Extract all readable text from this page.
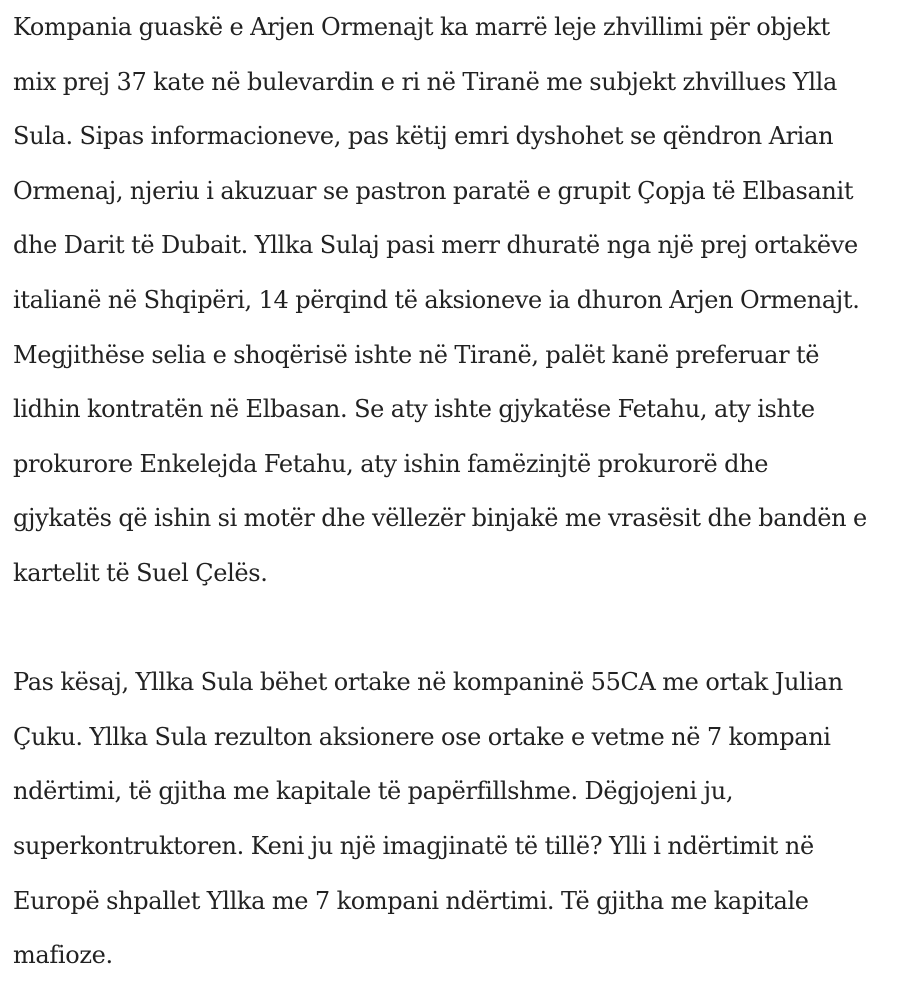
Kompania guaskë e Arjen Ormenajt ka marrë leje zhvillimi për objekt
mix prej 37 kate në bulevardin e ri në Tiranë me subjekt zhvillues Ylla
Sula. Sipas informacioneve, pas këtij emri dyshohet se qëndron Arian
Ormenaj, njeriu i akuzuar se pastron paratë e grupit Çopja të Elbasanit
dhe Darit të Dubait. Yllka Sulaj pasi merr dhuratë nga një prej ortakëve
italianë në Shqipëri, 14 përqind të aksioneve ia dhuron Arjen Ormenajt.
Megjithëse selia e shoqërisë ishte në Tiranë, palët kanë preferuar të
lidhin kontratën në Elbasan. Se aty ishte gjykatëse Fetahu, aty ishte
prokurore Enkelejda Fetahu, aty ishin famëzinjtë prokurorë dhe
gjykatës që ishin si motër dhe vëllezër binjakë me vrasësit dhe bandën e
kartelit të Suel Çelës.

Pas kësaj, Yllka Sula bëhet ortake në kompaninë 55CA me ortak Julian
Çuku. Yllka Sula rezulton aksionere ose ortake e vetme në 7 kompani
ndërtimi, të gjitha me kapitale të papërfillshme. Dëgjojeni ju,
superkontruktoren. Keni ju një imagjinatë të tillë? Ylli i ndërtimit në
Europë shpallet Yllka me 7 kompani ndërtimi. Të gjitha me kapitale
mafioze.
